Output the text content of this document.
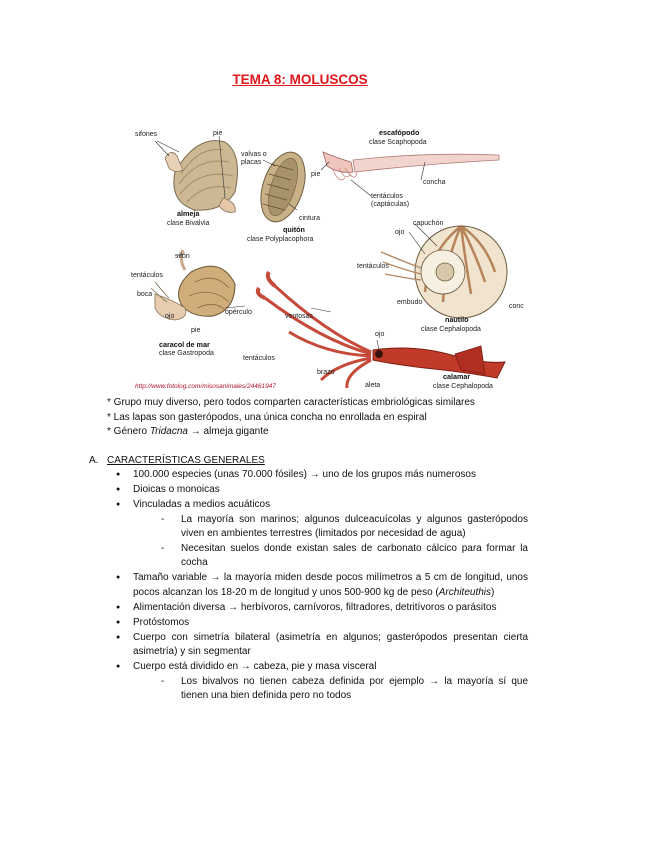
TEMA 8: MOLUSCOS
sifones	pie
almeja
clase Bivalvia
valvas o
placas
cintura
quitón
clase Polyplacophora
escafópodo
clase Scaphopoda
pie
concha
tentáculos
(captáculas)
capuchón
ojo
tentáculos
embudo
conc
nautilo
clase Cephalopoda
sifón
tentáculos
boca
ojo
pie
opérculo
caracol de mar
clase Gastropoda
ventosas
tentáculos
ojo
brazo
aleta
calamar
clase Cephalopoda
http://www.fotolog.com/misosanimales/24461947
* Grupo muy diverso, pero todos comparten características embriológicas similares
* Las lapas son gasterópodos, una única concha no enrollada en espiral
* Género Tridacna → almeja gigante
A. CARACTERÍSTICAS GENERALES
● 100.000 especies (unas 70.000 fósiles) → uno de los grupos más numerosos
● Dioicas o monoicas
● Vinculadas a medios acuáticos
- La mayoría son marinos; algunos dulceacuícolas y algunos gasterópodos viven en ambientes terrestres (limitados por necesidad de agua)
- Necesitan suelos donde existan sales de carbonato cálcico para formar la cocha
● Tamaño variable → la mayoría miden desde pocos milímetros a 5 cm de longitud, unos pocos alcanzan los 18-20 m de longitud y unos 500-900 kg de peso (Architeuthis)
● Alimentación diversa → herbívoros, carnívoros, filtradores, detritívoros o parásitos
● Protóstomos
● Cuerpo con simetría bilateral (asimetría en algunos; gasterópodos presentan cierta asimetría) y sin segmentar
● Cuerpo está dividido en → cabeza, pie y masa visceral
- Los bivalvos no tienen cabeza definida por ejemplo → la mayoría sí que tienen una bien definida pero no todos
